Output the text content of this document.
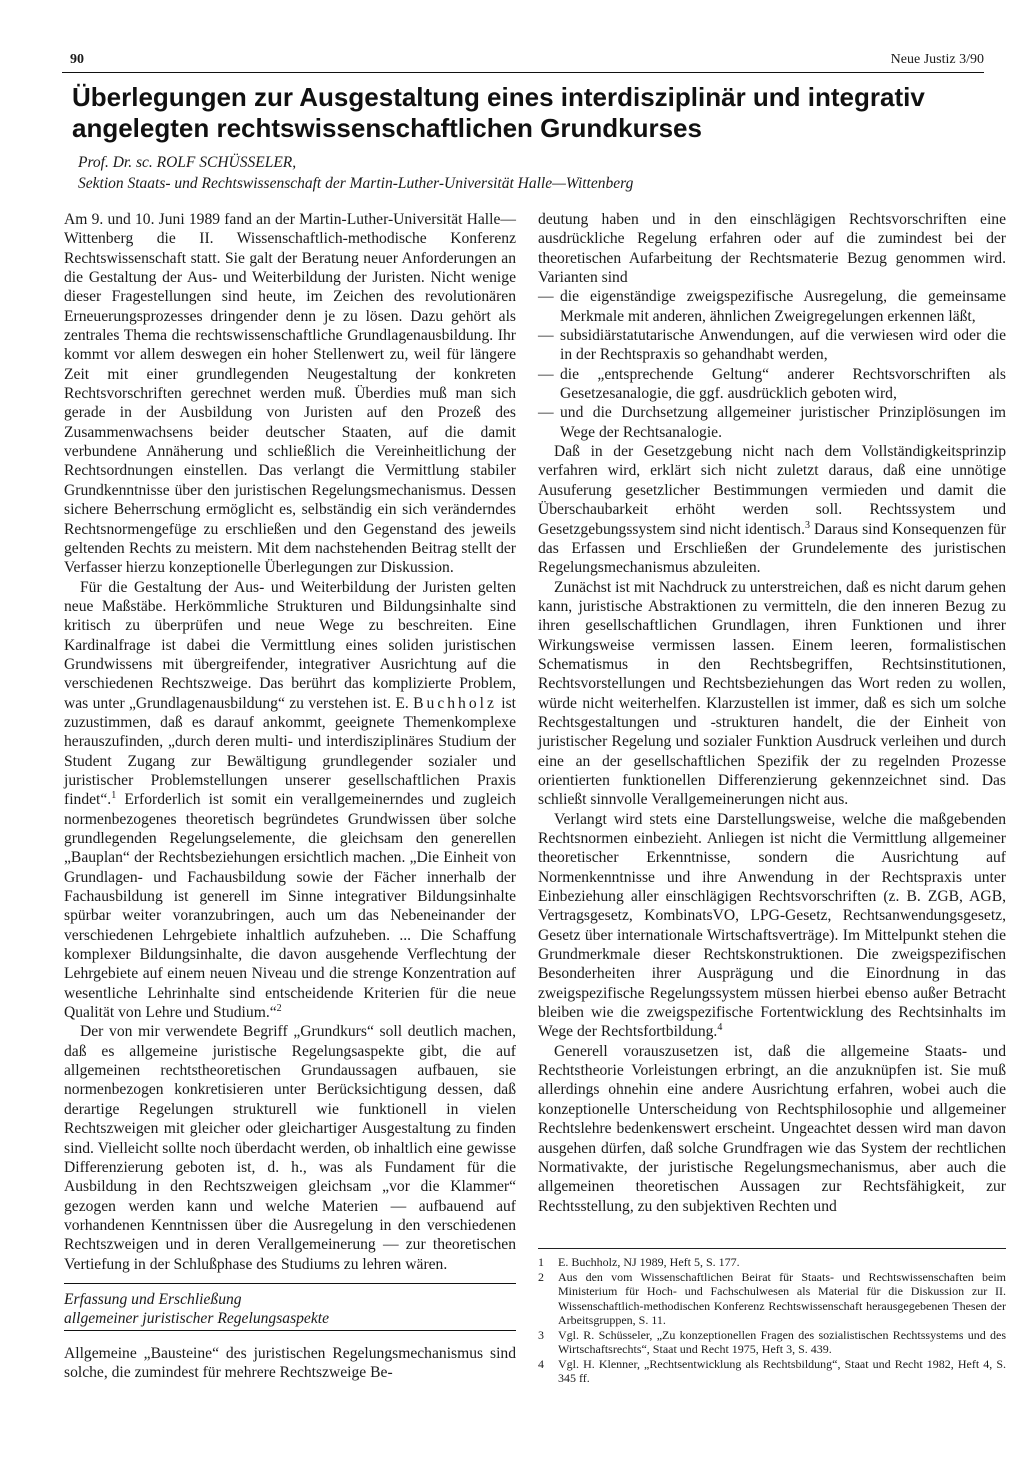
90	Neue Justiz 3/90
Überlegungen zur Ausgestaltung eines interdisziplinär und integrativ angelegten rechtswissenschaftlichen Grundkurses
Prof. Dr. sc. ROLF SCHÜSSELER,
Sektion Staats- und Rechtswissenschaft der Martin-Luther-Universität Halle—Wittenberg

Am 9. und 10. Juni 1989 fand an der Martin-Luther-Universität Halle—Wittenberg die II. Wissenschaftlich-methodische Konferenz Rechtswissenschaft statt. Sie galt der Beratung neuer Anforderungen an die Gestaltung der Aus- und Weiterbildung der Juristen. Nicht wenige dieser Fragestellungen sind heute, im Zeichen des revolutionären Erneuerungsprozesses dringender denn je zu lösen. Dazu gehört als zentrales Thema die rechtswissenschaftliche Grundlagenausbildung. Ihr kommt vor allem deswegen ein hoher Stellenwert zu, weil für längere Zeit mit einer grundlegenden Neugestaltung der konkreten Rechtsvorschriften gerechnet werden muß. Überdies muß man sich gerade in der Ausbildung von Juristen auf den Prozeß des Zusammenwachsens beider deutscher Staaten, auf die damit verbundene Annäherung und schließlich die Vereinheitlichung der Rechtsordnungen einstellen. Das verlangt die Vermittlung stabiler Grundkenntnisse über den juristischen Regelungsmechanismus. Dessen sichere Beherrschung ermöglicht es, selbständig ein sich veränderndes Rechtsnormengefüge zu erschließen und den Gegenstand des jeweils geltenden Rechts zu meistern. Mit dem nachstehenden Beitrag stellt der Verfasser hierzu konzeptionelle Überlegungen zur Diskussion.

Für die Gestaltung der Aus- und Weiterbildung der Juristen gelten neue Maßstäbe. Herkömmliche Strukturen und Bildungsinhalte sind kritisch zu überprüfen und neue Wege zu beschreiten. Eine Kardinalfrage ist dabei die Vermittlung eines soliden juristischen Grundwissens mit übergreifender, integrativer Ausrichtung auf die verschiedenen Rechtszweige. Das berührt das komplizierte Problem, was unter „Grundlagenausbildung“ zu verstehen ist. E. Buchholz ist zuzustimmen, daß es darauf ankommt, geeignete Themenkomplexe herauszufinden, „durch deren multi- und interdisziplinäres Studium der Student Zugang zur Bewältigung grundlegender sozialer und juristischer Problemstellungen unserer gesellschaftlichen Praxis findet“.$^1$ Erforderlich ist somit ein verallgemeinerndes und zugleich normenbezogenes theoretisch begründetes Grundwissen über solche grundlegenden Regelungselemente, die gleichsam den generellen „Bauplan“ der Rechtsbeziehungen ersichtlich machen. „Die Einheit von Grundlagen- und Fachausbildung sowie der Fächer innerhalb der Fachausbildung ist generell im Sinne integrativer Bildungsinhalte spürbar weiter voranzubringen, auch um das Nebeneinander der verschiedenen Lehrgebiete inhaltlich aufzuheben. ... Die Schaffung komplexer Bildungsinhalte, die davon ausgehende Verflechtung der Lehrgebiete auf einem neuen Niveau und die strenge Konzentration auf wesentliche Lehrinhalte sind entscheidende Kriterien für die neue Qualität von Lehre und Studium.“$^2$

Der von mir verwendete Begriff „Grundkurs“ soll deutlich machen, daß es allgemeine juristische Regelungsaspekte gibt, die auf allgemeinen rechtstheoretischen Grundaussagen aufbauen, sie normenbezogen konkretisieren unter Berücksichtigung dessen, daß derartige Regelungen strukturell wie funktionell in vielen Rechtszweigen mit gleicher oder gleichartiger Ausgestaltung zu finden sind. Vielleicht sollte noch überdacht werden, ob inhaltlich eine gewisse Differenzierung geboten ist, d. h., was als Fundament für die Ausbildung in den Rechtszweigen gleichsam „vor die Klammer“ gezogen werden kann und welche Materien — aufbauend auf vorhandenen Kenntnissen über die Ausregelung in den verschiedenen Rechtszweigen und in deren Verallgemeinerung — zur theoretischen Vertiefung in der Schlußphase des Studiums zu lehren wären.

Erfassung und Erschließung
allgemeiner juristischer Regelungsaspekte
Allgemeine „Bausteine“ des juristischen Regelungsmechanismus sind solche, die zumindest für mehrere Rechtszweige Be-

deutung haben und in den einschlägigen Rechtsvorschriften eine ausdrückliche Regelung erfahren oder auf die zumindest bei der theoretischen Aufarbeitung der Rechtsmaterie Bezug genommen wird. Varianten sind

— die eigenständige zweigspezifische Ausregelung, die gemeinsame Merkmale mit anderen, ähnlichen Zweigregelungen erkennen läßt,
— subsidiärstatutarische Anwendungen, auf die verwiesen wird oder die in der Rechtspraxis so gehandhabt werden,
— die „entsprechende Geltung“ anderer Rechtsvorschriften als Gesetzesanalogie, die ggf. ausdrücklich geboten wird,
— und die Durchsetzung allgemeiner juristischer Prinziplösungen im Wege der Rechtsanalogie.

Daß in der Gesetzgebung nicht nach dem Vollständigkeitsprinzip verfahren wird, erklärt sich nicht zuletzt daraus, daß eine unnötige Ausuferung gesetzlicher Bestimmungen vermieden und damit die Überschaubarkeit erhöht werden soll. Rechtssystem und Gesetzgebungssystem sind nicht identisch.$^3$ Daraus sind Konsequenzen für das Erfassen und Erschließen der Grundelemente des juristischen Regelungsmechanismus abzuleiten.

Zunächst ist mit Nachdruck zu unterstreichen, daß es nicht darum gehen kann, juristische Abstraktionen zu vermitteln, die den inneren Bezug zu ihren gesellschaftlichen Grundlagen, ihren Funktionen und ihrer Wirkungsweise vermissen lassen. Einem leeren, formalistischen Schematismus in den Rechtsbegriffen, Rechtsinstitutionen, Rechtsvorstellungen und Rechtsbeziehungen das Wort reden zu wollen, würde nicht weiterhelfen. Klarzustellen ist immer, daß es sich um solche Rechtsgestaltungen und -strukturen handelt, die der Einheit von juristischer Regelung und sozialer Funktion Ausdruck verleihen und durch eine an der gesellschaftlichen Spezifik der zu regelnden Prozesse orientierten funktionellen Differenzierung gekennzeichnet sind. Das schließt sinnvolle Verallgemeinerungen nicht aus.

Verlangt wird stets eine Darstellungsweise, welche die maßgebenden Rechtsnormen einbezieht. Anliegen ist nicht die Vermittlung allgemeiner theoretischer Erkenntnisse, sondern die Ausrichtung auf Normenkenntnisse und ihre Anwendung in der Rechtspraxis unter Einbeziehung aller einschlägigen Rechtsvorschriften (z. B. ZGB, AGB, Vertragsgesetz, KombinatsVO, LPG-Gesetz, Rechtsanwendungsgesetz, Gesetz über internationale Wirtschaftsverträge). Im Mittelpunkt stehen die Grundmerkmale dieser Rechtskonstruktionen. Die zweigspezifischen Besonderheiten ihrer Ausprägung und die Einordnung in das zweigspezifische Regelungssystem müssen hierbei ebenso außer Betracht bleiben wie die zweigspezifische Fortentwicklung des Rechtsinhalts im Wege der Rechtsfortbildung.$^4$

Generell vorauszusetzen ist, daß die allgemeine Staats- und Rechtstheorie Vorleistungen erbringt, an die anzuknüpfen ist. Sie muß allerdings ohnehin eine andere Ausrichtung erfahren, wobei auch die konzeptionelle Unterscheidung von Rechtsphilosophie und allgemeiner Rechtslehre bedenkenswert erscheint. Ungeachtet dessen wird man davon ausgehen dürfen, daß solche Grundfragen wie das System der rechtlichen Normativakte, der juristische Regelungsmechanismus, aber auch die allgemeinen theoretischen Aussagen zur Rechtsfähigkeit, zur Rechtsstellung, zu den subjektiven Rechten und

1 E. Buchholz, NJ 1989, Heft 5, S. 177.
2 Aus den vom Wissenschaftlichen Beirat für Staats- und Rechtswissenschaften beim Ministerium für Hoch- und Fachschulwesen als Material für die Diskussion zur II. Wissenschaftlich-methodischen Konferenz Rechtswissenschaft herausgegebenen Thesen der Arbeitsgruppen, S. 11.
3 Vgl. R. Schüsseler, „Zu konzeptionellen Fragen des sozialistischen Rechtssystems und des Wirtschaftsrechts“, Staat und Recht 1975, Heft 3, S. 439.
4 Vgl. H. Klenner, „Rechtsentwicklung als Rechtsbildung“, Staat und Recht 1982, Heft 4, S. 345 ff.
